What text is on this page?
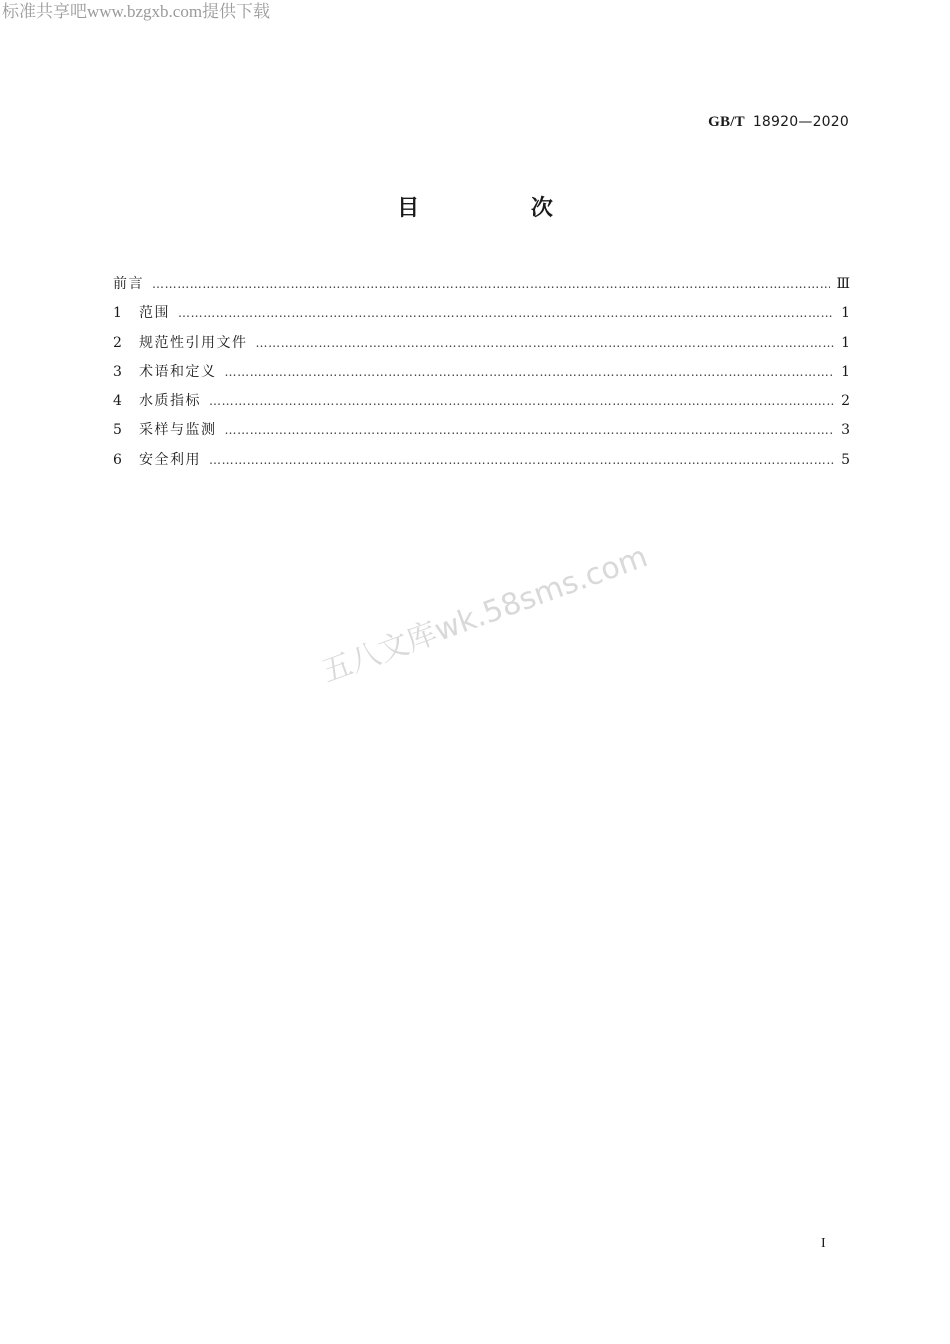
标准共享吧www.bzgxb.com提供下载
GB/T 18920—2020
目 次
前言 ……………………………………………………………………………………………………………………………………………………………………	Ⅲ
1	范围 ……………………………………………………………………………………………………………………………………………………………………	1
2	规范性引用文件 ……………………………………………………………………………………………………………………………………………………………………	1
3	术语和定义 ……………………………………………………………………………………………………………………………………………………………………	1
4	水质指标 ……………………………………………………………………………………………………………………………………………………………………	2
5	采样与监测 ……………………………………………………………………………………………………………………………………………………………………	3
6	安全利用 ……………………………………………………………………………………………………………………………………………………………………	5
五八文库wk.58sms.com
I
